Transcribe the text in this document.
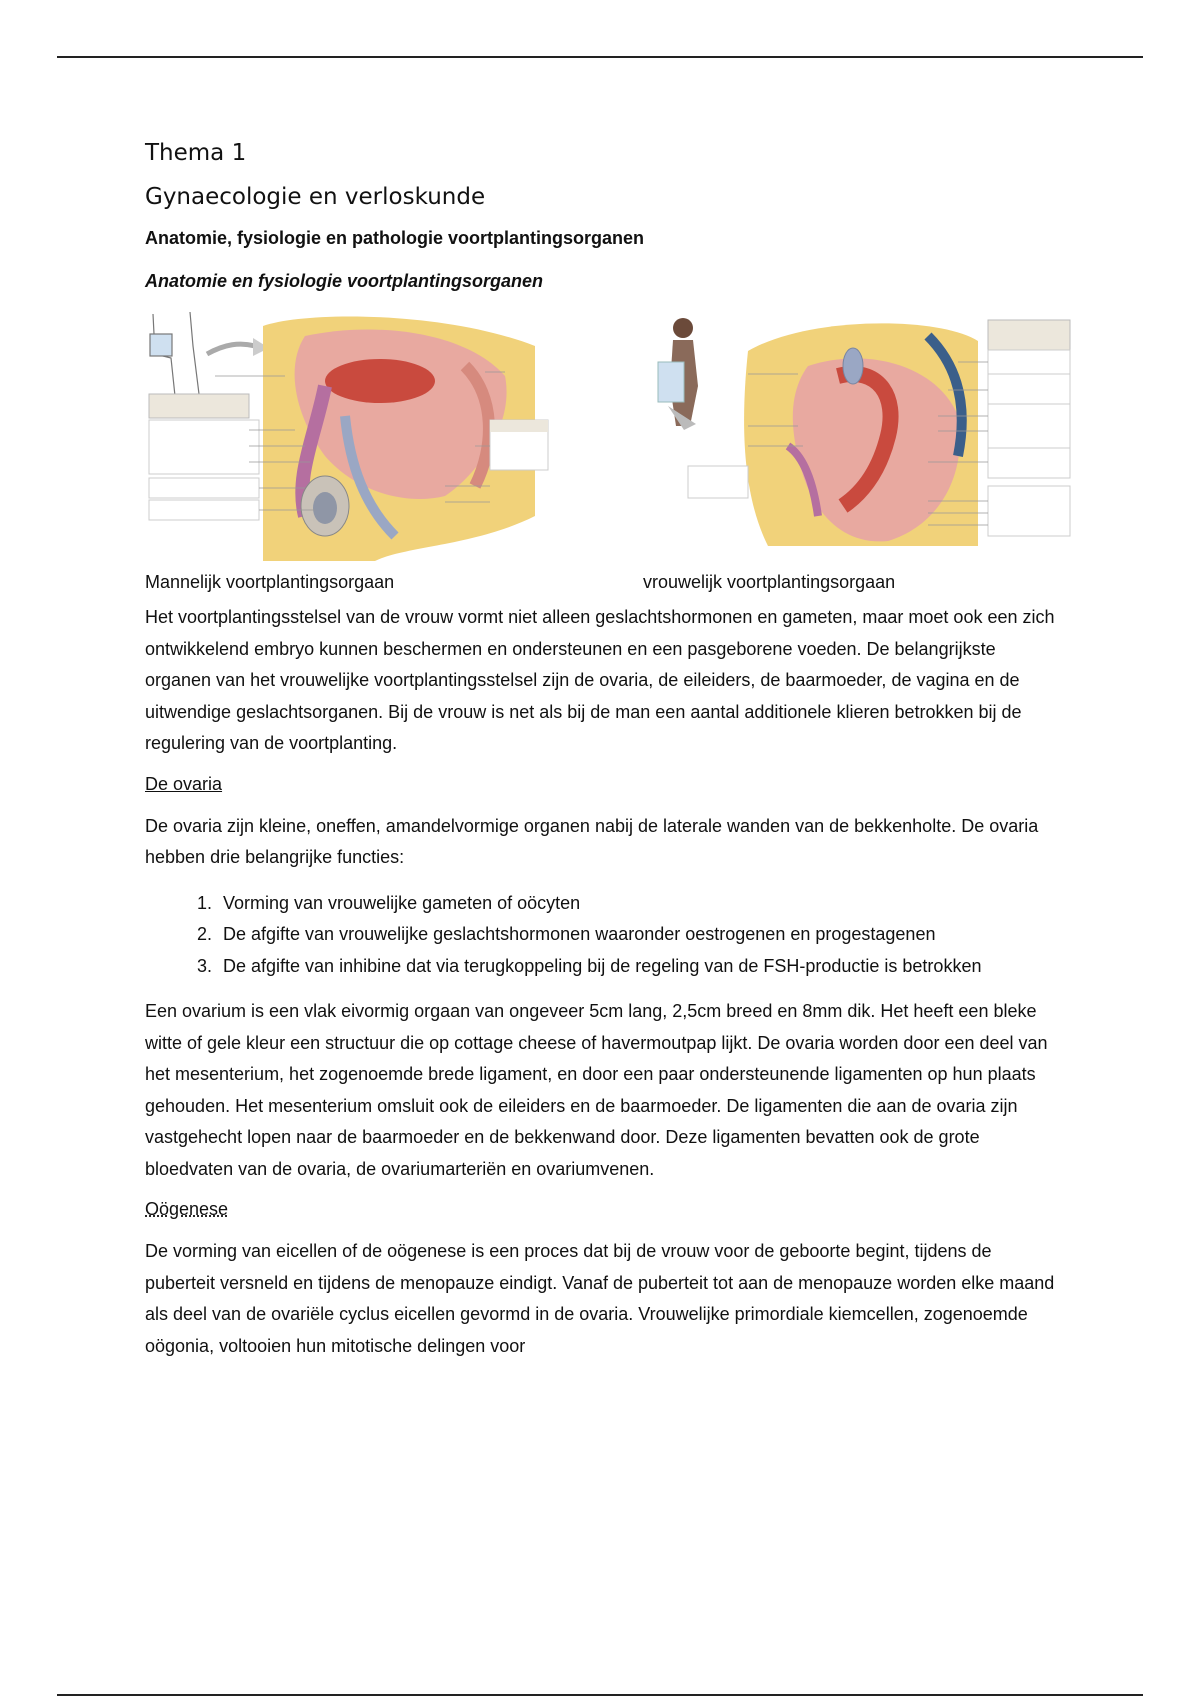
Thema 1
Gynaecologie en verloskunde
Anatomie, fysiologie en pathologie voortplantingsorganen
Anatomie en fysiologie voortplantingsorganen
Mannelijk voortplantingsorgaan	vrouwelijk voortplantingsorgaan

Het voortplantingsstelsel van de vrouw vormt niet alleen geslachtshormonen en gameten, maar moet ook een zich ontwikkelend embryo kunnen beschermen en ondersteunen en een pasgeborene voeden. De belangrijkste organen van het vrouwelijke voortplantingsstelsel zijn de ovaria, de eileiders, de baarmoeder, de vagina en de uitwendige geslachtsorganen. Bij de vrouw is net als bij de man een aantal additionele klieren betrokken bij de regulering van de voortplanting.

De ovaria

De ovaria zijn kleine, oneffen, amandelvormige organen nabij de laterale wanden van de bekkenholte. De ovaria hebben drie belangrijke functies:

1. Vorming van vrouwelijke gameten of oöcyten
2. De afgifte van vrouwelijke geslachtshormonen waaronder oestrogenen en progestagenen
3. De afgifte van inhibine dat via terugkoppeling bij de regeling van de FSH-productie is betrokken

Een ovarium is een vlak eivormig orgaan van ongeveer 5cm lang, 2,5cm breed en 8mm dik. Het heeft een bleke witte of gele kleur een structuur die op cottage cheese of havermoutpap lijkt. De ovaria worden door een deel van het mesenterium, het zogenoemde brede ligament, en door een paar ondersteunende ligamenten op hun plaats gehouden. Het mesenterium omsluit ook de eileiders en de baarmoeder. De ligamenten die aan de ovaria zijn vastgehecht lopen naar de baarmoeder en de bekkenwand door. Deze ligamenten bevatten ook de grote bloedvaten van de ovaria, de ovariumarteriën en ovariumvenen.

Oögenese

De vorming van eicellen of de oögenese is een proces dat bij de vrouw voor de geboorte begint, tijdens de puberteit versneld en tijdens de menopauze eindigt. Vanaf de puberteit tot aan de menopauze worden elke maand als deel van de ovariële cyclus eicellen gevormd in de ovaria. Vrouwelijke primordiale kiemcellen, zogenoemde oögonia, voltooien hun mitotische delingen voor
